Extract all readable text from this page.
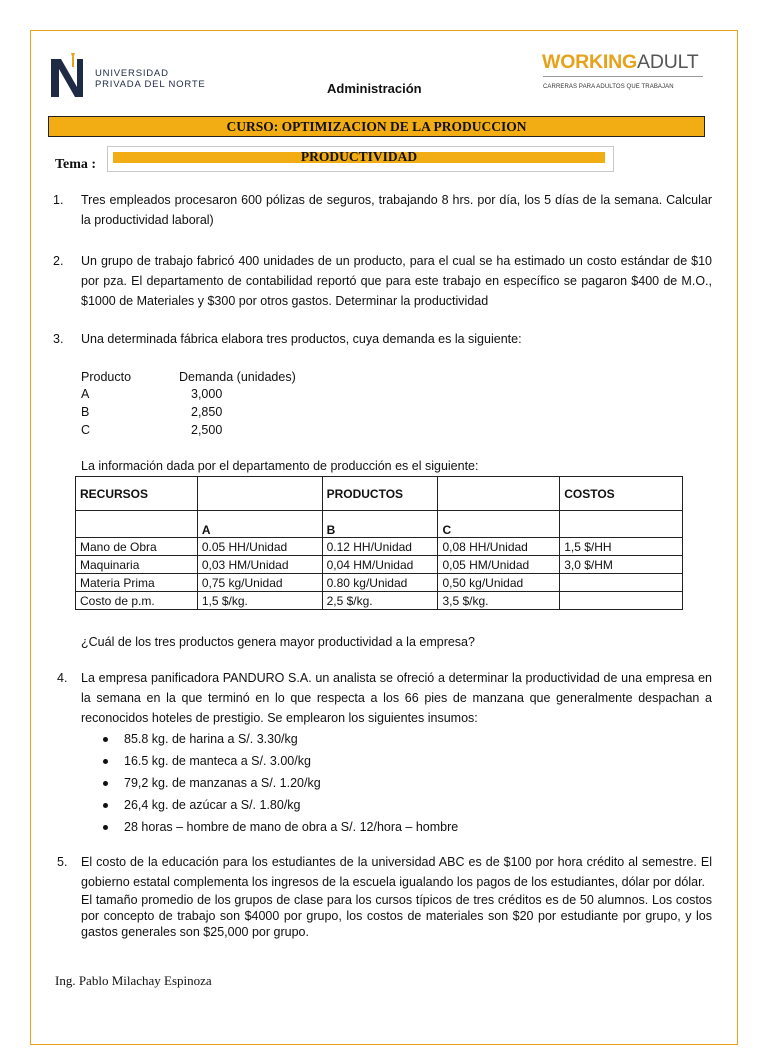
UNIVERSIDAD
PRIVADA DEL NORTE	Administración
WORKINGADULT
CARRERAS PARA ADULTOS QUE TRABAJAN
CURSO: OPTIMIZACION DE LA PRODUCCION
Tema :
PRODUCTIVIDAD
1. Tres empleados procesaron 600 pólizas de seguros, trabajando 8 hrs. por día, los 5 días de la semana. Calcular la productividad laboral)
2. Un grupo de trabajo fabricó 400 unidades de un producto, para el cual se ha estimado un costo estándar de $10 por pza. El departamento de contabilidad reportó que para este trabajo en específico se pagaron $400 de M.O., $1000 de Materiales y $300 por otros gastos. Determinar la productividad
3. Una determinada fábrica elabora tres productos, cuya demanda es la siguiente:
Producto	Demanda (unidades)
A	3,000
B	2,850
C	2,500
La información dada por el departamento de producción es el siguiente:
RECURSOS		PRODUCTOS		COSTOS
	A	B	C	
Mano de Obra	0.05 HH/Unidad	0.12 HH/Unidad	0,08 HH/Unidad	1,5 $/HH
Maquinaria	0,03 HM/Unidad	0,04 HM/Unidad	0,05 HM/Unidad	3,0 $/HM
Materia Prima	0,75 kg/Unidad	0.80 kg/Unidad	0,50 kg/Unidad	
Costo de p.m.	1,5 $/kg.	2,5 $/kg.	3,5 $/kg.	
¿Cuál de los tres productos genera mayor productividad a la empresa?
4. La empresa panificadora PANDURO S.A. un analista se ofreció a determinar la productividad de una empresa en la semana en la que terminó en lo que respecta a los 66 pies de manzana que generalmente despachan a reconocidos hoteles de prestigio. Se emplearon los siguientes insumos:
85.8 kg. de harina a S/. 3.30/kg
16.5 kg. de manteca a S/. 3.00/kg
79,2 kg. de manzanas a S/. 1.20/kg
26,4 kg. de azúcar a S/. 1.80/kg
28 horas – hombre de mano de obra a S/. 12/hora – hombre
5. El costo de la educación para los estudiantes de la universidad ABC es de $100 por hora crédito al semestre. El gobierno estatal complementa los ingresos de la escuela igualando los pagos de los estudiantes, dólar por dólar.
El tamaño promedio de los grupos de clase para los cursos típicos de tres créditos es de 50 alumnos. Los costos por concepto de trabajo son $4000 por grupo, los costos de materiales son $20 por estudiante por grupo, y los gastos generales son $25,000 por grupo.
Ing. Pablo Milachay Espinoza
